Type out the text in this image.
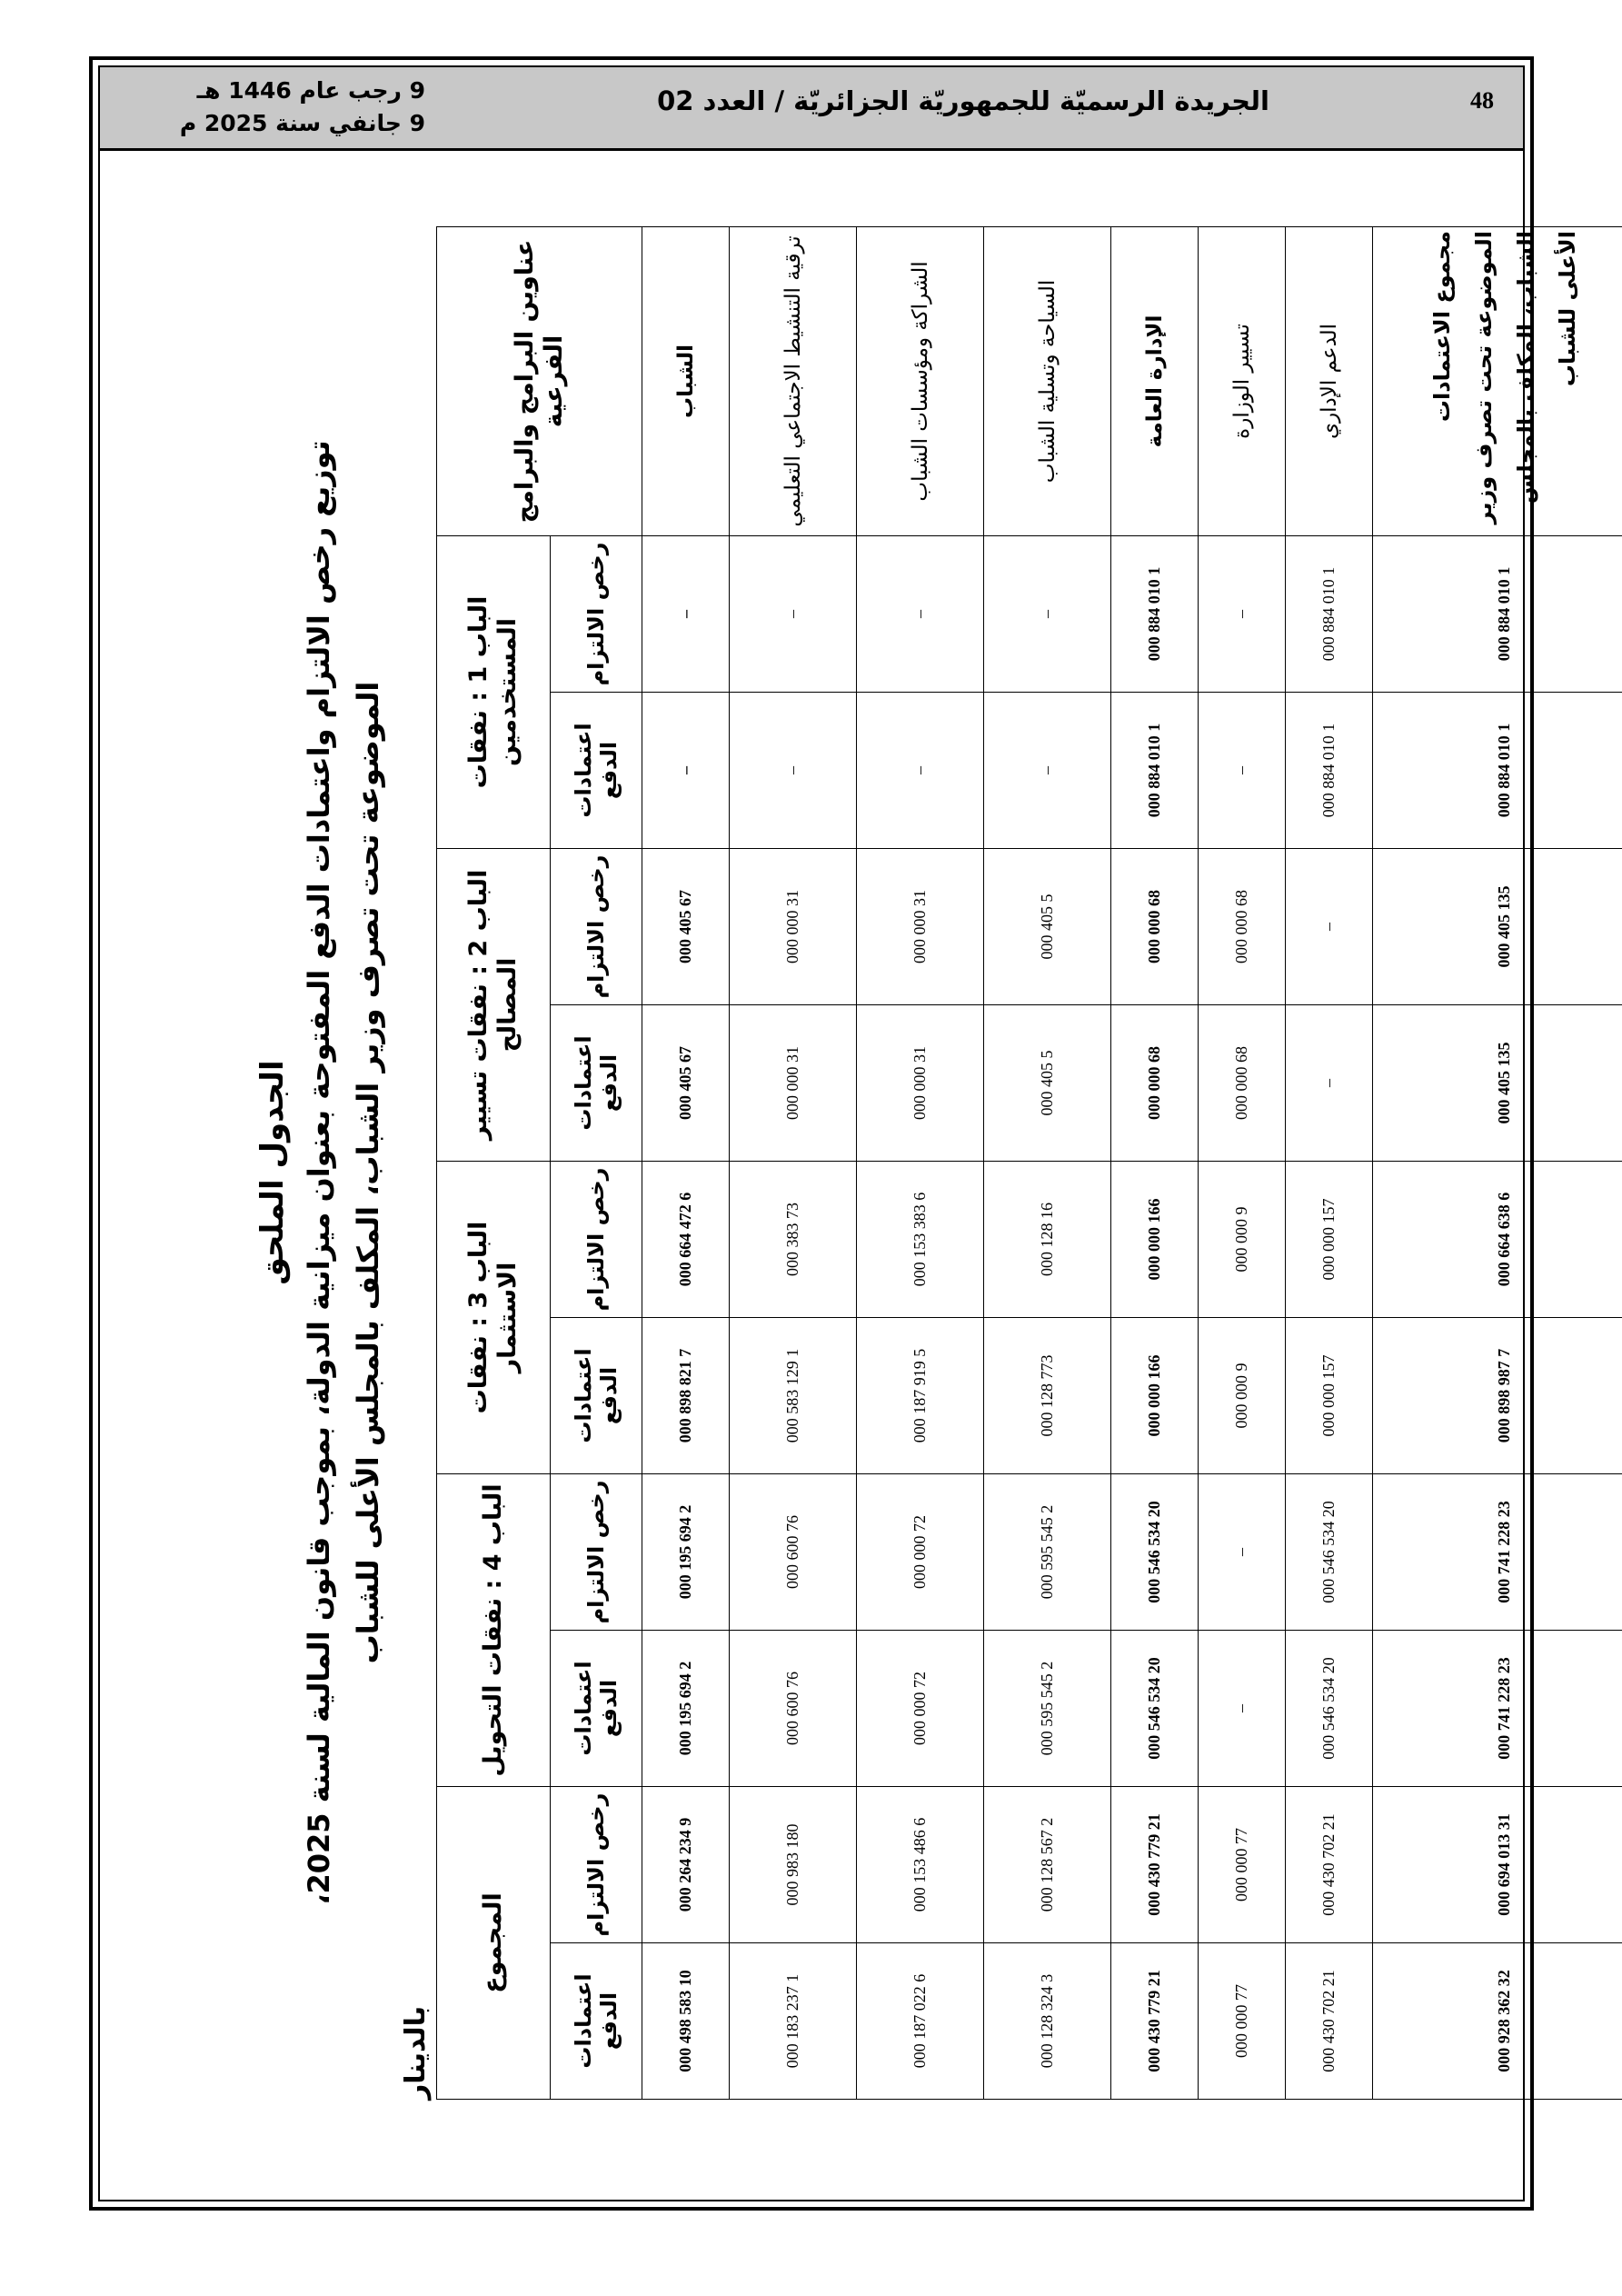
48
الجريدة الرسميّة للجمهوريّة الجزائريّة / العدد 02
9 رجب عام 1446 هـ
9 جانفي سنة 2025 م
الجدول الملحق
توزيع رخص الالتزام واعتمادات الدفع المفتوحة بعنوان ميزانية الدولة، بموجب قانون المالية لسنة 2025، الموضوعة تحت تصرف وزير الشباب، المكلف بالمجلس الأعلى للشباب
بالدينار
عناوين البرامج والبرامج الفرعية	الباب 1 : نفقات المستخدمين		الباب 2 : نفقات تسيير المصالح		الباب 3 : نفقات الاستثمار		الباب 4 : نفقات التحويل		المجموع	
	رخص الالتزام	اعتمادات الدفع	رخص الالتزام	اعتمادات الدفع	رخص الالتزام	اعتمادات الدفع	رخص الالتزام	اعتمادات الدفع	رخص الالتزام	اعتمادات الدفع
الشباب	–	–	67 405 000	67 405 000	6 472 664 000	7 821 898 000	2 694 195 000	2 694 195 000	9 234 264 000	10 583 498 000
ترقية التنشيط الاجتماعي التعليمي	–	–	31 000 000	31 000 000	73 383 000	1 129 583 000	76 600 000	76 600 000	180 983 000	1 237 183 000
الشراكة ومؤسسات الشباب	–	–	31 000 000	31 000 000	6 383 153 000	5 919 187 000	72 000 000	72 000 000	6 486 153 000	6 022 187 000
السياحة وتسلية الشباب	–	–	5 405 000	5 405 000	16 128 000	773 128 000	2 545 595 000	2 545 595 000	2 567 128 000	3 324 128 000
الإدارة العامة	1 010 884 000	1 010 884 000	68 000 000	68 000 000	166 000 000	166 000 000	20 534 546 000	20 534 546 000	21 779 430 000	21 779 430 000
تسيير الوزارة	–	–	68 000 000	68 000 000	9 000 000	9 000 000	–	–	77 000 000	77 000 000
الدعم الإداري	1 010 884 000	1 010 884 000	–	–	157 000 000	157 000 000	20 534 546 000	20 534 546 000	21 702 430 000	21 702 430 000
مجموع الاعتمادات الموضوعة تحت تصرف وزير الشباب، المكلف بالمجلس الأعلى للشباب	1 010 884 000	1 010 884 000	135 405 000	135 405 000	6 638 664 000	7 987 898 000	23 228 741 000	23 228 741 000	31 013 694 000	32 362 928 000
